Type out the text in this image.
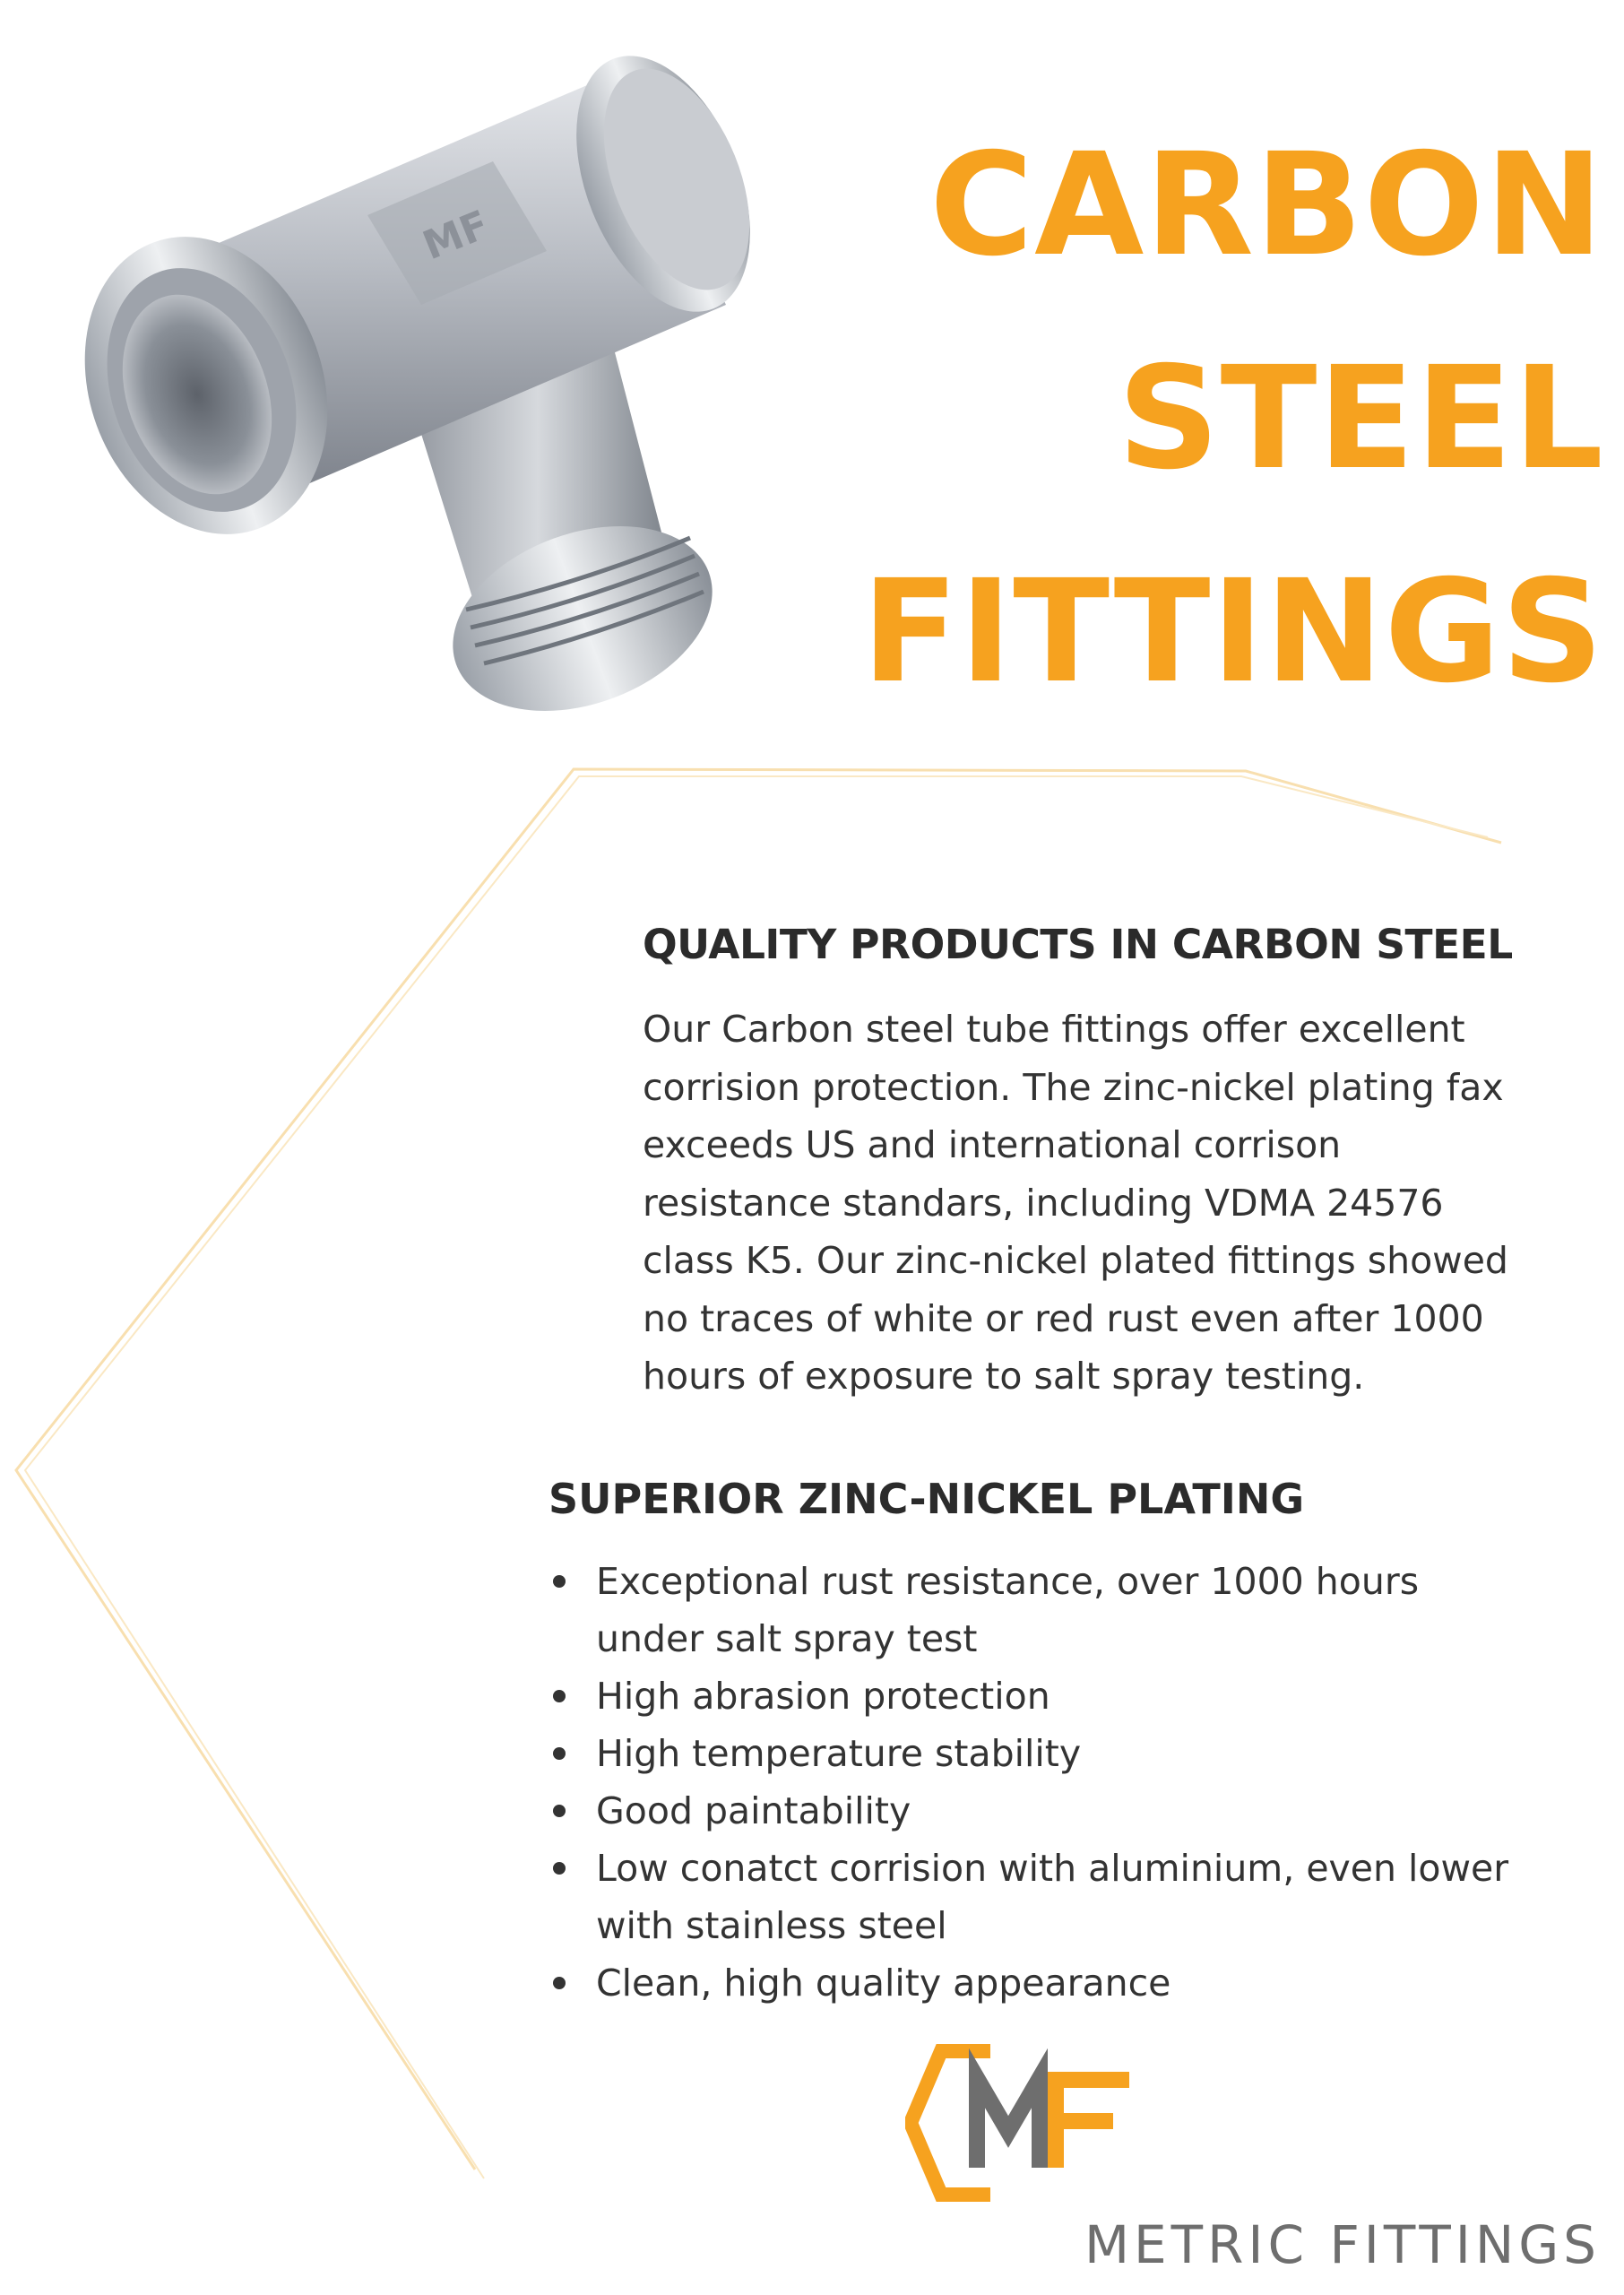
MF	CARBON
STEEL
FITTINGS
QUALITY PRODUCTS IN CARBON STEEL
Our Carbon steel tube fittings offer excellent
corrision protection. The zinc-nickel plating fax
exceeds US and international corrison
resistance standars, including VDMA 24576
class K5. Our zinc-nickel plated fittings showed
no traces of white or red rust even after 1000
hours of exposure to salt spray testing.
SUPERIOR ZINC-NICKEL PLATING
Exceptional rust resistance, over 1000 hours
under salt spray test
High abrasion protection
High temperature stability
Good paintability
Low conatct corrision with aluminium, even lower
with stainless steel
Clean, high quality appearance
METRIC FITTINGS
